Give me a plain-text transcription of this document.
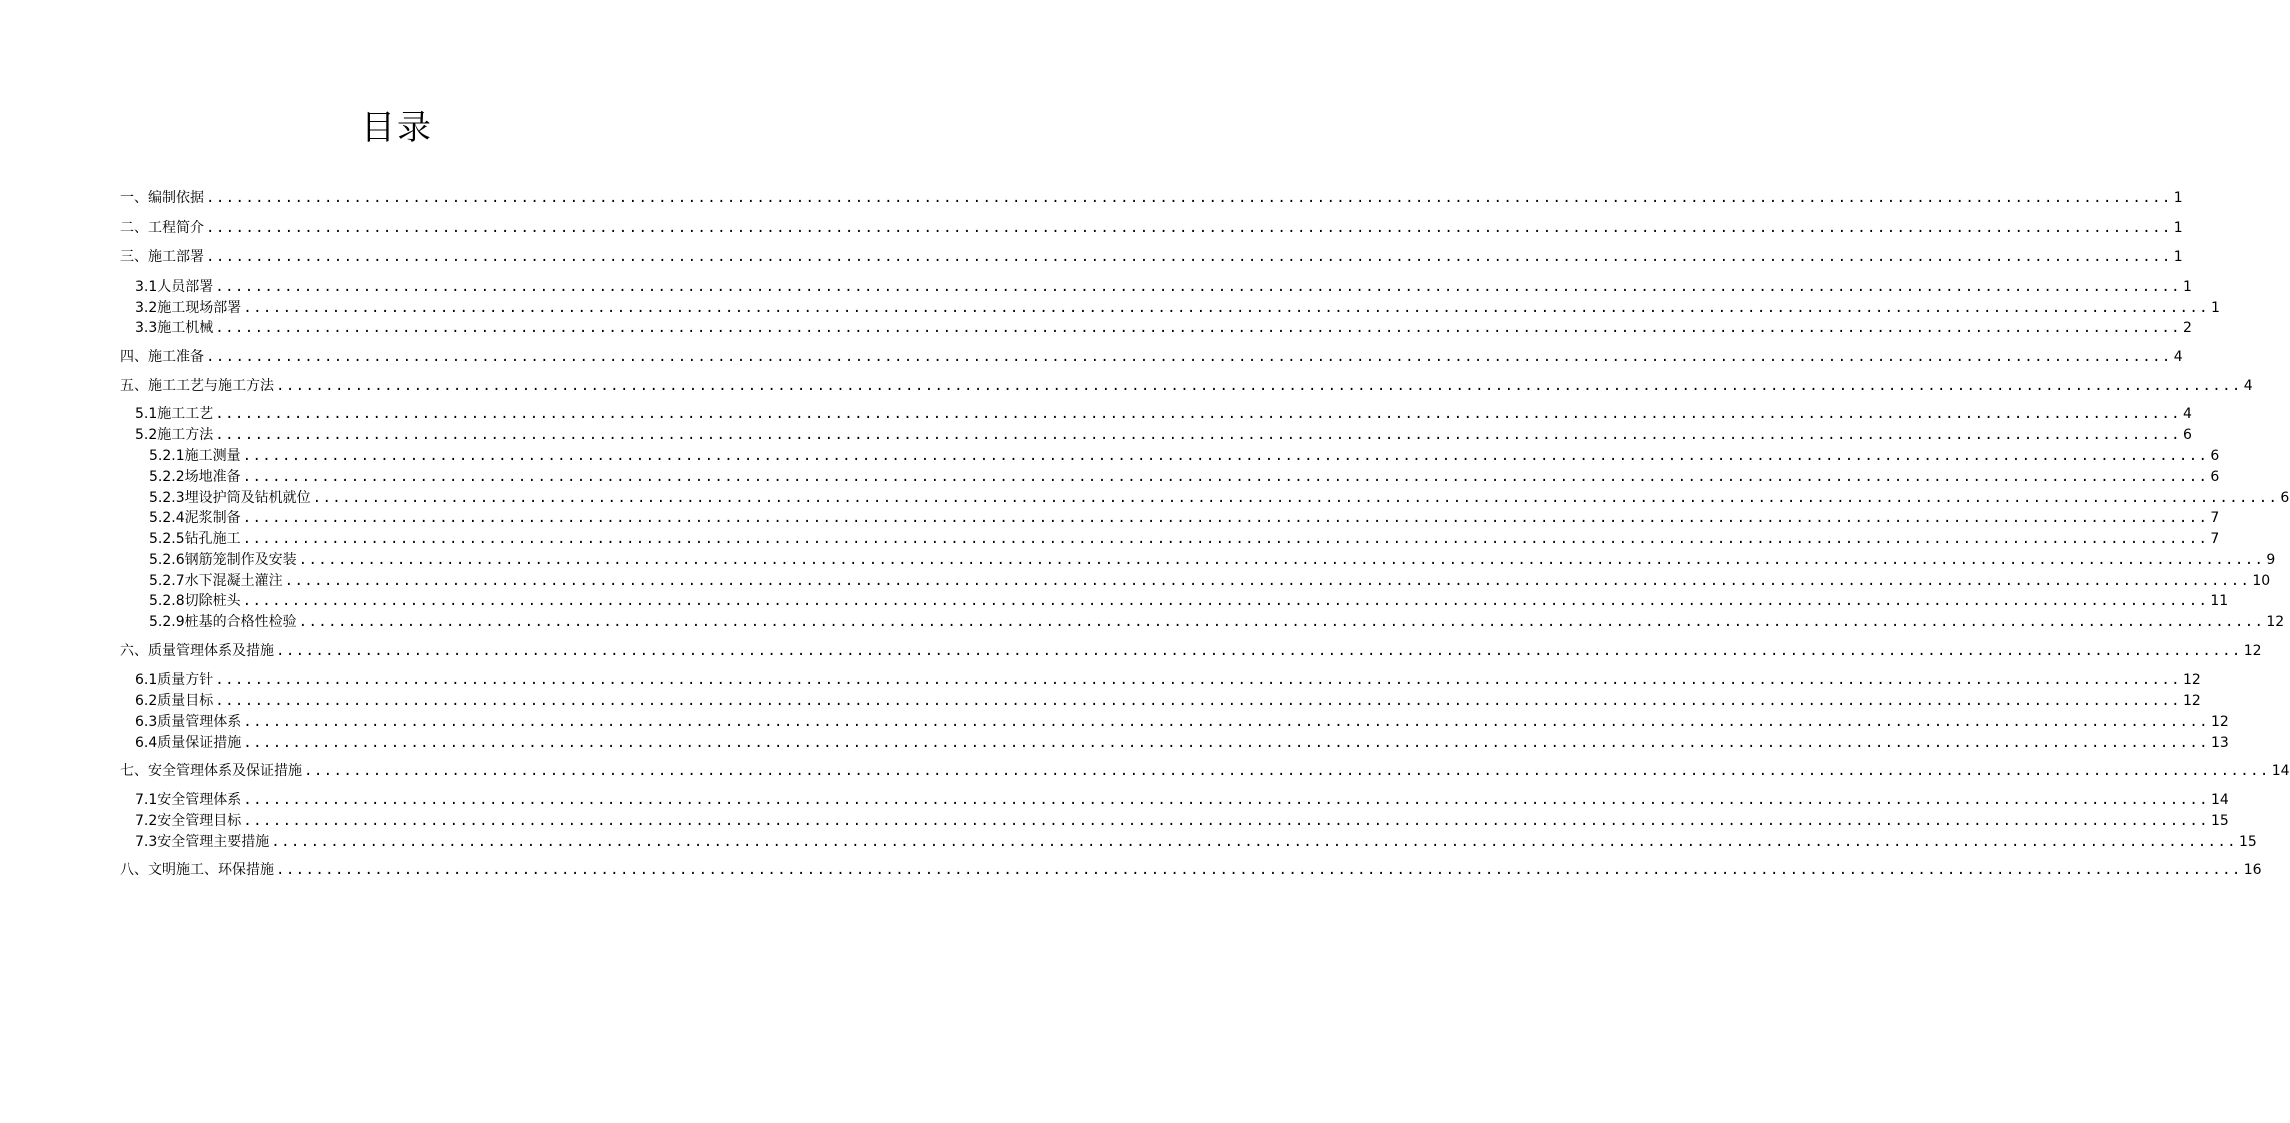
目录
一、编制依据 ........................................................................................................................................................................................................ 1
二、工程简介 ........................................................................................................................................................................................................ 1
三、施工部署 ........................................................................................................................................................................................................ 1
3.1 人员部署 ........................................................................................................................................................................................................ 1
3.2 施工现场部署 ........................................................................................................................................................................................................ 1
3.3 施工机械 ........................................................................................................................................................................................................ 2
四、施工准备 ........................................................................................................................................................................................................ 4
五、施工工艺与施工方法 ........................................................................................................................................................................................................ 4
5.1 施工工艺 ........................................................................................................................................................................................................ 4
5.2 施工方法 ........................................................................................................................................................................................................ 6
5.2.1 施工测量 ........................................................................................................................................................................................................ 6
5.2.2 场地准备 ........................................................................................................................................................................................................ 6
5.2.3 埋设护筒及钻机就位 ........................................................................................................................................................................................................ 6
5.2.4 泥浆制备 ........................................................................................................................................................................................................ 7
5.2.5 钻孔施工 ........................................................................................................................................................................................................ 7
5.2.6 钢筋笼制作及安装 ........................................................................................................................................................................................................ 9
5.2.7 水下混凝土灌注 ........................................................................................................................................................................................................ 10
5.2.8 切除桩头 ........................................................................................................................................................................................................ 11
5.2.9 桩基的合格性检验 ........................................................................................................................................................................................................ 12
六、质量管理体系及措施 ........................................................................................................................................................................................................ 12
6.1 质量方针 ........................................................................................................................................................................................................ 12
6.2 质量目标 ........................................................................................................................................................................................................ 12
6.3 质量管理体系 ........................................................................................................................................................................................................ 12
6.4 质量保证措施 ........................................................................................................................................................................................................ 13
七、安全管理体系及保证措施 ........................................................................................................................................................................................................ 14
7.1 安全管理体系 ........................................................................................................................................................................................................ 14
7.2 安全管理目标 ........................................................................................................................................................................................................ 15
7.3 安全管理主要措施 ........................................................................................................................................................................................................ 15
八、文明施工、环保措施 ........................................................................................................................................................................................................ 16
